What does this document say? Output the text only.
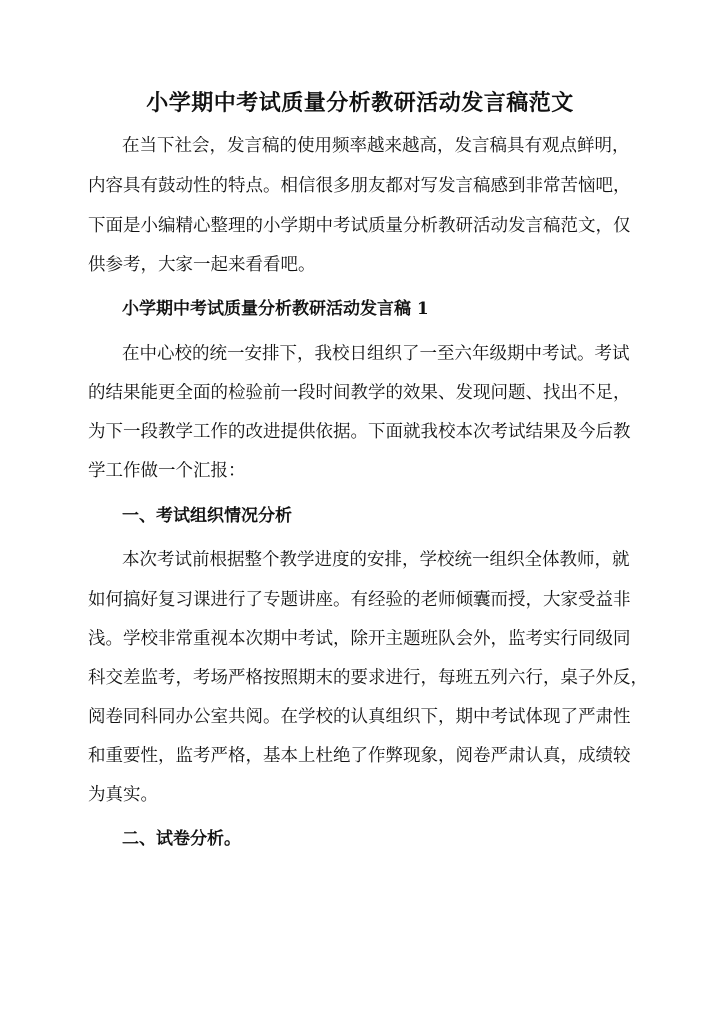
小学期中考试质量分析教研活动发言稿范文
在当下社会，发言稿的使用频率越来越高，发言稿具有观点鲜明，
内容具有鼓动性的特点。相信很多朋友都对写发言稿感到非常苦恼吧，
下面是小编精心整理的小学期中考试质量分析教研活动发言稿范文，仅
供参考，大家一起来看看吧。
小学期中考试质量分析教研活动发言稿 1
在中心校的统一安排下，我校日组织了一至六年级期中考试。考试
的结果能更全面的检验前一段时间教学的效果、发现问题、找出不足，
为下一段教学工作的改进提供依据。下面就我校本次考试结果及今后教
学工作做一个汇报：
一、考试组织情况分析
本次考试前根据整个教学进度的安排，学校统一组织全体教师，就
如何搞好复习课进行了专题讲座。有经验的老师倾囊而授，大家受益非
浅。学校非常重视本次期中考试，除开主题班队会外，监考实行同级同
科交差监考，考场严格按照期末的要求进行，每班五列六行，桌子外反，
阅卷同科同办公室共阅。在学校的认真组织下，期中考试体现了严肃性
和重要性，监考严格，基本上杜绝了作弊现象，阅卷严肃认真，成绩较
为真实。
二、试卷分析。
